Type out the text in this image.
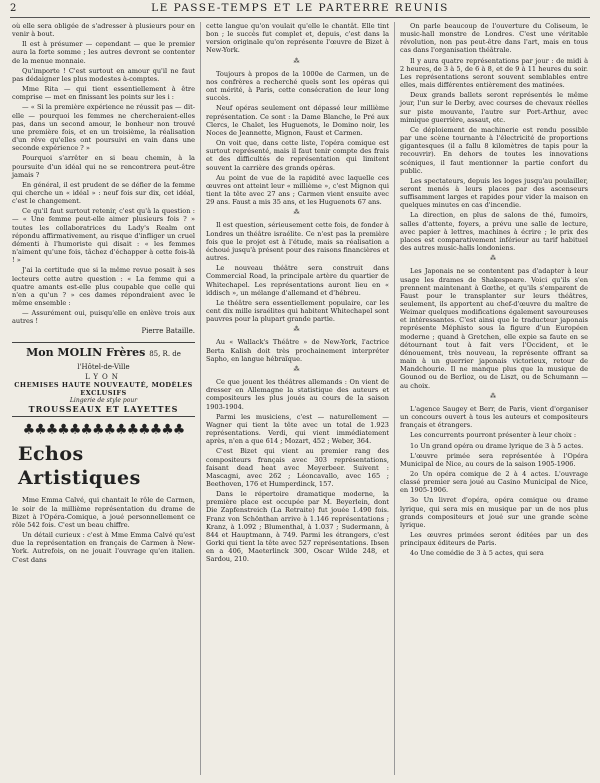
2	LE PASSE-TEMPS ET LE PARTERRE REUNIS

où elle sera obligée de s'adresser à plusieurs pour en venir à bout.

Il est à présumer — cependant — que le premier aura la forte somme ; les autres devront se contenter de la menue monnaie.

Qu'importe ! C'est surtout en amour qu'il ne faut pas dédaigner les plus modestes à-comptes.

Mme Rita — qui tient essentiellement à être comprise — met en finissant les points sur les i :

— « Si la première expérience ne réussit pas — dit-elle — pourquoi les femmes ne chercheraient-elles pas, dans un second amour, le bonheur non trouvé une première fois, et en un troisième, la réalisation d'un rêve qu'elles ont poursuivi en vain dans une seconde expérience ? »

Pourquoi s'arrêter en si beau chemin, à la poursuite d'un idéal qui ne se rencontrera peut-être jamais ?

En général, il est prudent de se défier de la femme qui cherche un « idéal » : neuf fois sur dix, cet idéal, c'est le changement.

Ce qu'il faut surtout retenir, c'est qu'à la question : — « Une femme peut-elle aimer plusieurs fois ? » toutes les collaboratrices du Lady's Realm ont répondu affirmativement, au risque d'infliger un cruel démenti à l'humoriste qui disait : « les femmes n'aiment qu'une fois, tâchez d'échapper à cette fois-là ! »

J'ai la certitude que si la même revue posait à ses lecteurs cette autre question : « La femme qui a quatre amants est-elle plus coupable que celle qui n'en a qu'un ? » ces dames répondraient avec le même ensemble :

— Assurément oui, puisqu'elle en enlève trois aux autres !

Pierre Bataille.
Mon MOLIN Frères 85, R. de l'Hôtel-de-Ville
LYON
CHEMISES HAUTE NOUVEAUTÉ, MODÈLES EXCLUSIFS
Lingerie de style pour
TROUSSEAUX ET LAYETTES
♣♣♣♣♣♣♣♣♣♣♣♣♣♣
Echos Artistiques

Mme Emma Calvé, qui chantait le rôle de Carmen, le soir de la millième représentation du drame de Bizet à l'Opéra-Comique, a joué personnellement ce rôle 542 fois. C'est un beau chiffre.

Un détail curieux : c'est à Mme Emma Calvé qu'est due la représentation en français de Carmen à New-York. Autrefois, on ne jouait l'ouvrage qu'en italien. C'est dans

cette langue qu'on voulait qu'elle le chantât. Elle tint bon ; le succès fut complet et, depuis, c'est dans la version originale qu'on représente l'œuvre de Bizet à New-York.

⁂

Toujours à propos de la 1000e de Carmen, un de nos confrères a recherché quels sont les opéras qui ont mérité, à Paris, cette consécration de leur long succès.

Neuf opéras seulement ont dépassé leur millième représentation. Ce sont : la Dame Blanche, le Pré aux Clercs, le Chalet, les Huguenots, le Domino noir, les Noces de Jeannette, Mignon, Faust et Carmen.

On voit que, dans cette liste, l'opéra comique est surtout représenté, mais il faut tenir compte des frais et des difficultés de représentation qui limitent souvent la carrière des grands opéras.

Au point de vue de la rapidité avec laquelle ces œuvres ont atteint leur « millième », c'est Mignon qui tient la tête avec 27 ans ; Carmen vient ensuite avec 29 ans. Faust a mis 35 ans, et les Huguenots 67 ans.

⁂

Il est question, sérieusement cette fois, de fonder à Londres un théâtre israélite. Ce n'est pas la première fois que le projet est à l'étude, mais sa réalisation a échoué jusqu'à présent pour des raisons financières et autres.

Le nouveau théâtre sera construit dans Commercial Road, la principale artère du quartier de Whitechapel. Les représentations auront lieu en « iddisch », un mélange d'allemand et d'hébreu.

Le théâtre sera essentiellement populaire, car les cent dix mille israélites qui habitent Whitechapel sont pauvres pour la plupart grande partie.

⁂

Au « Wallack's Théâtre » de New-York, l'actrice Berta Kalish doit très prochainement interpréter Sapho, en langue hébraïque.

⁂

Ce que jouent les théâtres allemands : On vient de dresser en Allemagne la statistique des auteurs et compositeurs les plus joués au cours de la saison 1903-1904.

Parmi les musiciens, c'est — naturellement — Wagner qui tient la tête avec un total de 1.923 représentations. Verdi, qui vient immédiatement après, n'en a que 614 ; Mozart, 452 ; Weber, 364.

C'est Bizet qui vient au premier rang des compositeurs français avec 303 représentations, faisant dead heat avec Meyerbeer. Suivent : Mascagni, avec 262 ; Léoncavallo, avec 165 ; Beethoven, 176 et Humperdinck, 157.

Dans le répertoire dramatique moderne, la première place est occupée par M. Beyerlein, dont Die Zapfenstreich (La Retraite) fut jouée 1.490 fois. Franz von Schönthan arrive à 1.146 représentations ; Kranz, à 1.092 ; Blumenthal, à 1.037 ; Sudermann, à 844 et Hauptmann, à 749. Parmi les étrangers, c'est Gorki qui tient la tête avec 527 représentations. Ibsen en a 406, Maeterlinck 300, Oscar Wilde 248, et Sardou, 210.

On parle beaucoup de l'ouverture du Coliseum, le music-hall monstre de Londres. C'est une véritable révolution, non pas peut-être dans l'art, mais en tous cas dans l'organisation théâtrale.

Il y aura quatre représentations par jour : de midi à 2 heures, de 3 à 5, de 6 à 8, et de 9 à 11 heures du soir. Les représentations seront souvent semblables entre elles, mais différentes entièrement des matinées.

Deux grands ballets seront représentés le même jour, l'un sur le Derby, avec courses de chevaux réelles sur piste mouvante, l'autre sur Port-Arthur, avec mimique guerrière, assaut, etc.

Ce déploiement de machinerie est rendu possible par une scène tournante à l'électricité de proportions gigantesques (il a fallu 8 kilomètres de tapis pour la recouvrir). En dehors de toutes les innovations scéniques, il faut mentionner la partie confort du public.

Les spectateurs, depuis les loges jusqu'au poulailler, seront menés à leurs places par des ascenseurs suffisamment larges et rapides pour vider la maison en quelques minutes en cas d'incendie.

La direction, en plus de salons de thé, fumoirs, salles d'attente, foyers, a prévu une salle de lecture, avec papier à lettres, machines à écrire ; le prix des places est comparativement inférieur au tarif habituel des autres music-halls londoniens.

⁂

Les Japonais ne se contentent pas d'adapter à leur usage les drames de Shakespeare. Voici qu'ils s'en prennent maintenant à Gœthe, et qu'ils s'emparent de Faust pour le transplanter sur leurs théâtres, seulement, ils apportent au chef-d'œuvre du maître de Weimar quelques modifications également savoureuses et intéressantes. C'est ainsi que le traducteur japonais représente Méphisto sous la figure d'un Européen moderne ; quand à Gretchen, elle expie sa faute en se détournant tout à fait vers l'Occident, et le dénouement, très nouveau, la représente offrant sa main à un guerrier japonais victorieux, retour de Mandchourie. Il ne manque plus que la musique de Gounod ou de Berlioz, ou de Liszt, ou de Schumann — au choix.

⁂

L'agence Saugey et Berr, de Paris, vient d'organiser un concours ouvert à tous les auteurs et compositeurs français et étrangers.

Les concurrents pourront présenter à leur choix :

1o Un grand opéra ou drame lyrique de 3 à 5 actes.

L'œuvre primée sera représentée à l'Opéra Municipal de Nice, au cours de la saison 1905-1906.

2o Un opéra comique de 2 à 4 actes. L'ouvrage classé premier sera joué au Casino Municipal de Nice, en 1905-1906.

3o Un livret d'opéra, opéra comique ou drame lyrique, qui sera mis en musique par un de nos plus grands compositeurs et joué sur une grande scène lyrique.

Les œuvres primées seront éditées par un des principaux éditeurs de Paris.

4o Une comédie de 3 à 5 actes, qui sera
